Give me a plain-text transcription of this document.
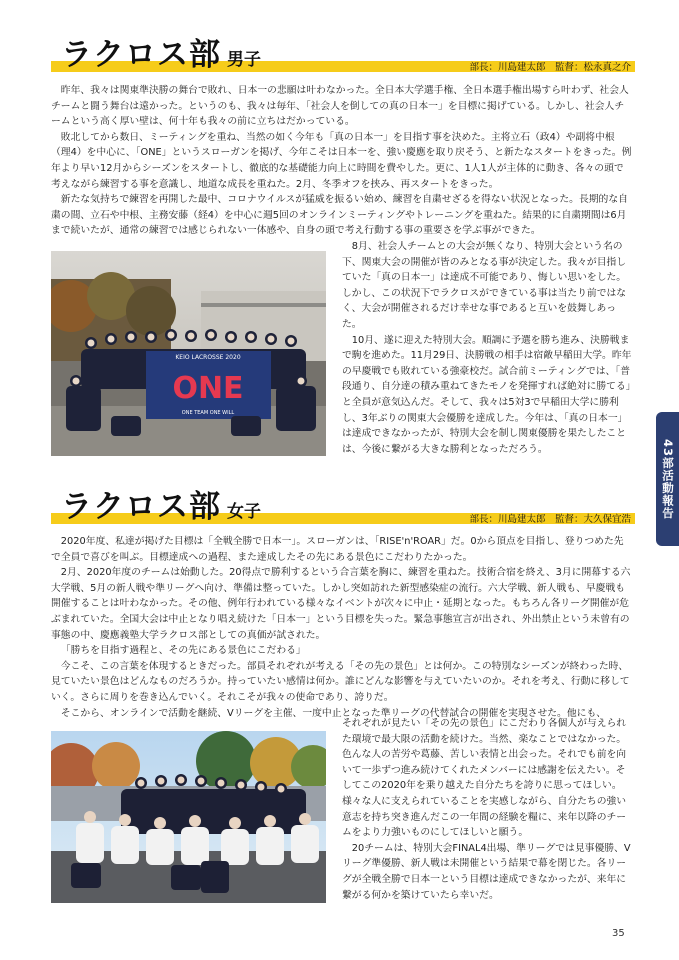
ラクロス部 男子	部長：川島建太郎　監督：松永真之介

昨年、我々は関東準決勝の舞台で敗れ、日本一の悲願は叶わなかった。全日本大学選手権、全日本選手権出場すら叶わず、社会人チームと闘う舞台は遠かった。というのも、我々は毎年、「社会人を倒しての真の日本一」を目標に掲げている。しかし、社会人チームという高く厚い壁は、何十年も我々の前に立ちはだかっている。

敗北してから数日、ミーティングを重ね、当然の如く今年も「真の日本一」を目指す事を決めた。主将立石（政4）や副将中根（理4）を中心に、「ONE」というスローガンを掲げ、今年こそは日本一を、強い慶應を取り戻そう、と新たなスタートをきった。例年より早い12月からシーズンをスタートし、徹底的な基礎能力向上に時間を費やした。更に、1人1人が主体的に動き、各々の頭で考えながら練習する事を意識し、地道な成長を重ねた。2月、冬季オフを挟み、再スタートをきった。

新たな気持ちで練習を再開した最中、コロナウイルスが猛威を振るい始め、練習を自粛せざるを得ない状況となった。長期的な自粛の間、立石や中根、主務安藤（経4）を中心に週5回のオンラインミーティングやトレーニングを重ねた。結果的に自粛期間は6月まで続いたが、通常の練習では感じられない一体感や、自身の頭で考え行動する事の重要さを学ぶ事ができた。

KEIO LACROSSE 2020
ONE
ONE TEAM ONE WILL

8月、社会人チームとの大会が無くなり、特別大会という名の下、関東大会の開催が皆のみとなる事が決定した。我々が目指していた「真の日本一」は達成不可能であり、悔しい思いをした。しかし、この状況下でラクロスができている事は当たり前ではなく、大会が開催されるだけ幸せな事であると互いを鼓舞しあった。

10月、遂に迎えた特別大会。順調に予選を勝ち進み、決勝戦まで駒を進めた。11月29日、決勝戦の相手は宿敵早稲田大学。昨年の早慶戦でも敗れている強豪校だ。試合前ミーティングでは、「普段通り、自分達の積み重ねてきたモノを発揮すれば絶対に勝てる」と全員が意気込んだ。そして、我々は5対3で早稲田大学に勝利し、3年ぶりの関東大会優勝を達成した。今年は、「真の日本一」は達成できなかったが、特別大会を制し関東優勝を果たしたことは、今後に繋がる大きな勝利となっただろう。

ラクロス部 女子	部長：川島建太郎　監督：大久保宜浩

2020年度、私達が掲げた目標は「全戦全勝で日本一」。スローガンは、「RISE'n'ROAR」だ。0から頂点を目指し、登りつめた先で全員で喜びを叫ぶ。目標達成への過程、また達成したその先にある景色にこだわりたかった。

2月、2020年度のチームは始動した。20得点で勝利するという合言葉を胸に、練習を重ねた。技術合宿を終え、3月に開幕する六大学戦、5月の新人戦や準リーグへ向け、準備は整っていた。しかし突如訪れた新型感染症の流行。六大学戦、新人戦も、早慶戦も開催することは叶わなかった。その他、例年行われている様々なイベントが次々に中止・延期となった。もちろん各リーグ開催が危ぶまれていた。全国大会は中止となり唱え続けた「日本一」という目標を失った。緊急事態宣言が出され、外出禁止という未曾有の事態の中、慶應義塾大学ラクロス部としての真価が試された。

「勝ちを目指す過程と、その先にある景色にこだわる」

今こそ、この言葉を体現するときだった。部員それぞれが考える「その先の景色」とは何か。この特別なシーズンが終わった時、見ていたい景色はどんなものだろうか。持っていたい感情は何か。誰にどんな影響を与えていたいのか。それを考え、行動に移していく。さらに周りを巻き込んでいく。それこそが我々の使命であり、誇りだ。

そこから、オンラインで活動を継続、Vリーグを主催、一度中止となった準リーグの代替試合の開催を実現させた。他にも、

それぞれが見たい「その先の景色」にこだわり各個人が与えられた環境で最大限の活動を続けた。当然、楽なことではなかった。色んな人の苦労や葛藤、苦しい表情と出会った。それでも前を向いて一歩ずつ進み続けてくれたメンバーには感謝を伝えたい。そしてこの2020年を乗り越えた自分たちを誇りに思ってほしい。様々な人に支えられていることを実感しながら、自分たちの強い意志を持ち突き進んだこの一年間の経験を糧に、来年以降のチームをより力強いものにしてほしいと願う。

20チームは、特別大会FINAL4出場、準リーグでは見事優勝、Vリーグ準優勝、新人戦は未開催という結果で幕を閉じた。各リーグが全戦全勝で日本一という目標は達成できなかったが、来年に繋がる何かを築けていたら幸いだ。

43部活動報告
35
